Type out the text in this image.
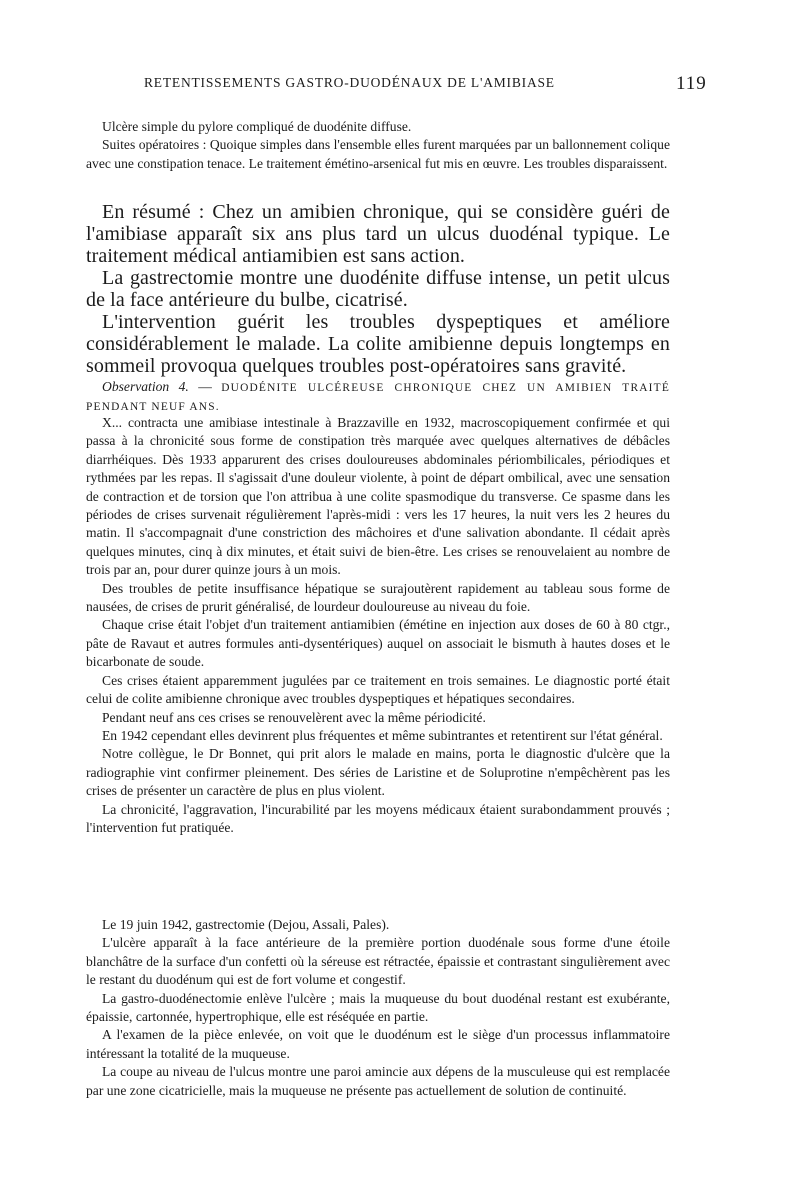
RETENTISSEMENTS GASTRO-DUODÉNAUX DE L'AMIBIASE	119

Ulcère simple du pylore compliqué de duodénite diffuse.

Suites opératoires : Quoique simples dans l'ensemble elles furent marquées par un ballonnement colique avec une constipation tenace. Le traitement émétino-arsenical fut mis en œuvre. Les troubles disparaissent.

En résumé : Chez un amibien chronique, qui se considère guéri de l'amibiase apparaît six ans plus tard un ulcus duodénal typique. Le traitement médical antiamibien est sans action.

La gastrectomie montre une duodénite diffuse intense, un petit ulcus de la face antérieure du bulbe, cicatrisé.

L'intervention guérit les troubles dyspeptiques et améliore considérablement le malade. La colite amibienne depuis longtemps en sommeil provoqua quelques troubles post-opératoires sans gravité.

Observation 4. — DUODÉNITE ULCÉREUSE CHRONIQUE CHEZ UN AMIBIEN TRAITÉ PENDANT NEUF ANS.

X... contracta une amibiase intestinale à Brazzaville en 1932, macroscopiquement confirmée et qui passa à la chronicité sous forme de constipation très marquée avec quelques alternatives de débâcles diarrhéiques. Dès 1933 apparurent des crises douloureuses abdominales périombilicales, périodiques et rythmées par les repas. Il s'agissait d'une douleur violente, à point de départ ombilical, avec une sensation de contraction et de torsion que l'on attribua à une colite spasmodique du transverse. Ce spasme dans les périodes de crises survenait régulièrement l'après-midi : vers les 17 heures, la nuit vers les 2 heures du matin. Il s'accompagnait d'une constriction des mâchoires et d'une salivation abondante. Il cédait après quelques minutes, cinq à dix minutes, et était suivi de bien-être. Les crises se renouvelaient au nombre de trois par an, pour durer quinze jours à un mois.

Des troubles de petite insuffisance hépatique se surajoutèrent rapidement au tableau sous forme de nausées, de crises de prurit généralisé, de lourdeur douloureuse au niveau du foie.

Chaque crise était l'objet d'un traitement antiamibien (émétine en injection aux doses de 60 à 80 ctgr., pâte de Ravaut et autres formules anti-dysentériques) auquel on associait le bismuth à hautes doses et le bicarbonate de soude.

Ces crises étaient apparemment jugulées par ce traitement en trois semaines. Le diagnostic porté était celui de colite amibienne chronique avec troubles dyspeptiques et hépatiques secondaires.

Pendant neuf ans ces crises se renouvelèrent avec la même périodicité.

En 1942 cependant elles devinrent plus fréquentes et même subintrantes et retentirent sur l'état général.

Notre collègue, le Dr Bonnet, qui prit alors le malade en mains, porta le diagnostic d'ulcère que la radiographie vint confirmer pleinement. Des séries de Laristine et de Soluprotine n'empêchèrent pas les crises de présenter un caractère de plus en plus violent.

La chronicité, l'aggravation, l'incurabilité par les moyens médicaux étaient surabondamment prouvés ; l'intervention fut pratiquée.

Le 19 juin 1942, gastrectomie (Dejou, Assali, Pales).

L'ulcère apparaît à la face antérieure de la première portion duodénale sous forme d'une étoile blanchâtre de la surface d'un confetti où la séreuse est rétractée, épaissie et contrastant singulièrement avec le restant du duodénum qui est de fort volume et congestif.

La gastro-duodénectomie enlève l'ulcère ; mais la muqueuse du bout duodénal restant est exubérante, épaissie, cartonnée, hypertrophique, elle est réséquée en partie.

A l'examen de la pièce enlevée, on voit que le duodénum est le siège d'un processus inflammatoire intéressant la totalité de la muqueuse.

La coupe au niveau de l'ulcus montre une paroi amincie aux dépens de la musculeuse qui est remplacée par une zone cicatricielle, mais la muqueuse ne présente pas actuellement de solution de continuité.
